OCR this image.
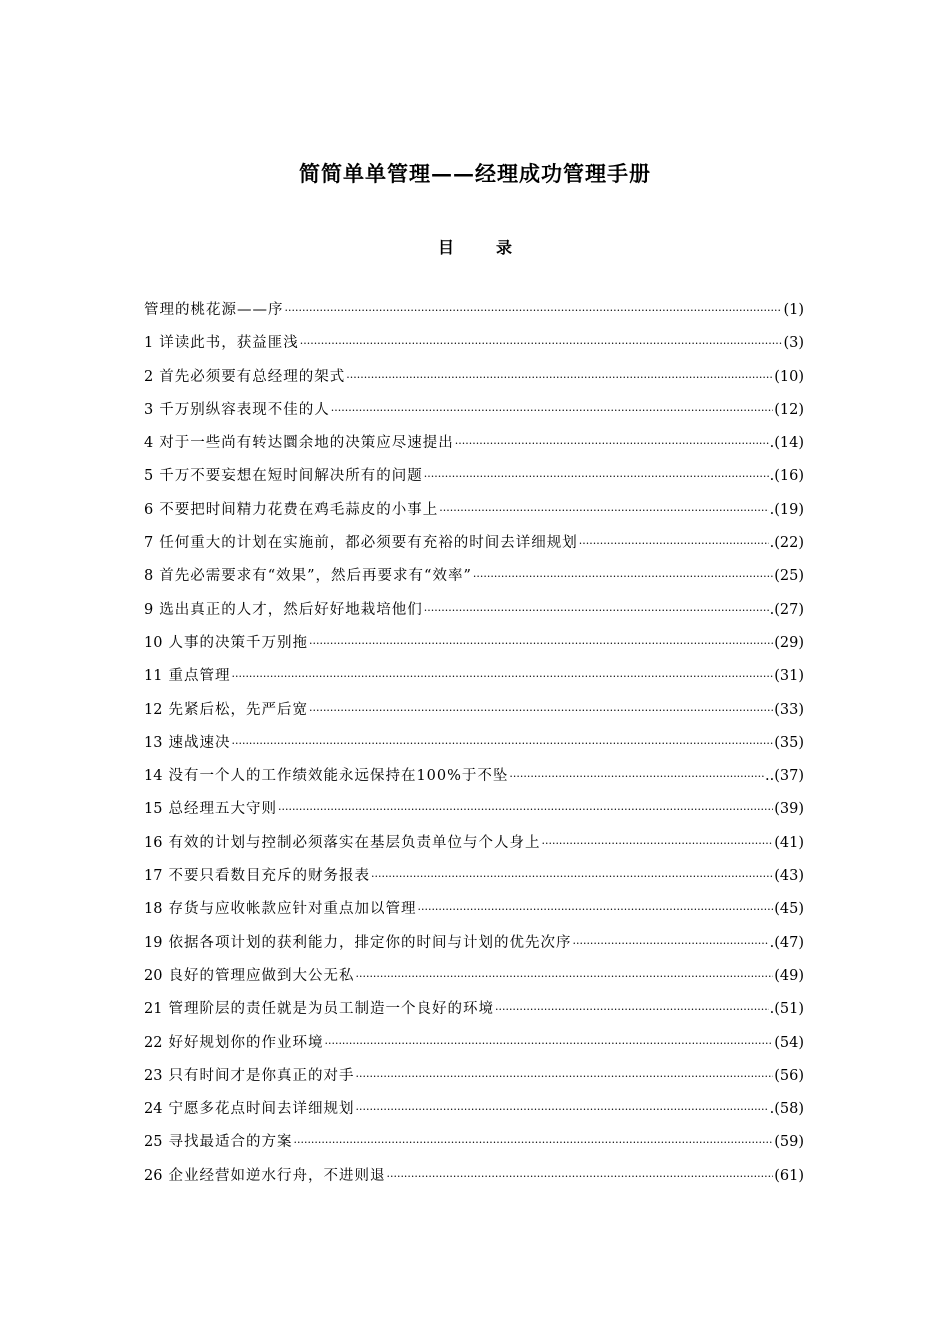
简简单单管理——经理成功管理手册
目录
管理的桃花源——序 ·····	(1)
1 详读此书，获益匪浅 ·····	(3)
2 首先必须要有总经理的架式 ·····	(10)
3 千万别纵容表现不佳的人 ·····	(12)
4 对于一些尚有转达圜余地的决策应尽速提出 ·····	.(14)
5 千万不要妄想在短时间解决所有的问题 ·····	.(16)
6 不要把时间精力花费在鸡毛蒜皮的小事上 ·····	.(19)
7 任何重大的计划在实施前，都必须要有充裕的时间去详细规划 ·····	.(22)
8 首先必需要求有“效果”，然后再要求有“效率” ·····	(25)
9 选出真正的人才，然后好好地栽培他们 ·····	.(27)
10 人事的决策千万别拖 ·····	(29)
11 重点管理 ·····	(31)
12 先紧后松，先严后宽 ·····	(33)
13 速战速决 ·····	(35)
14 没有一个人的工作绩效能永远保持在100%于不坠 ·····	..(37)
15 总经理五大守则 ·····	(39)
16 有效的计划与控制必须落实在基层负责单位与个人身上 ·····	(41)
17 不要只看数目充斥的财务报表 ·····	(43)
18 存货与应收帐款应针对重点加以管理 ·····	(45)
19 依据各项计划的获利能力，排定你的时间与计划的优先次序 ·····	.(47)
20 良好的管理应做到大公无私 ·····	(49)
21 管理阶层的责任就是为员工制造一个良好的环境 ·····	.(51)
22 好好规划你的作业环境 ·····	(54)
23 只有时间才是你真正的对手 ·····	(56)
24 宁愿多花点时间去详细规划 ·····	.(58)
25 寻找最适合的方案 ·····	(59)
26 企业经营如逆水行舟，不进则退 ·····	(61)
